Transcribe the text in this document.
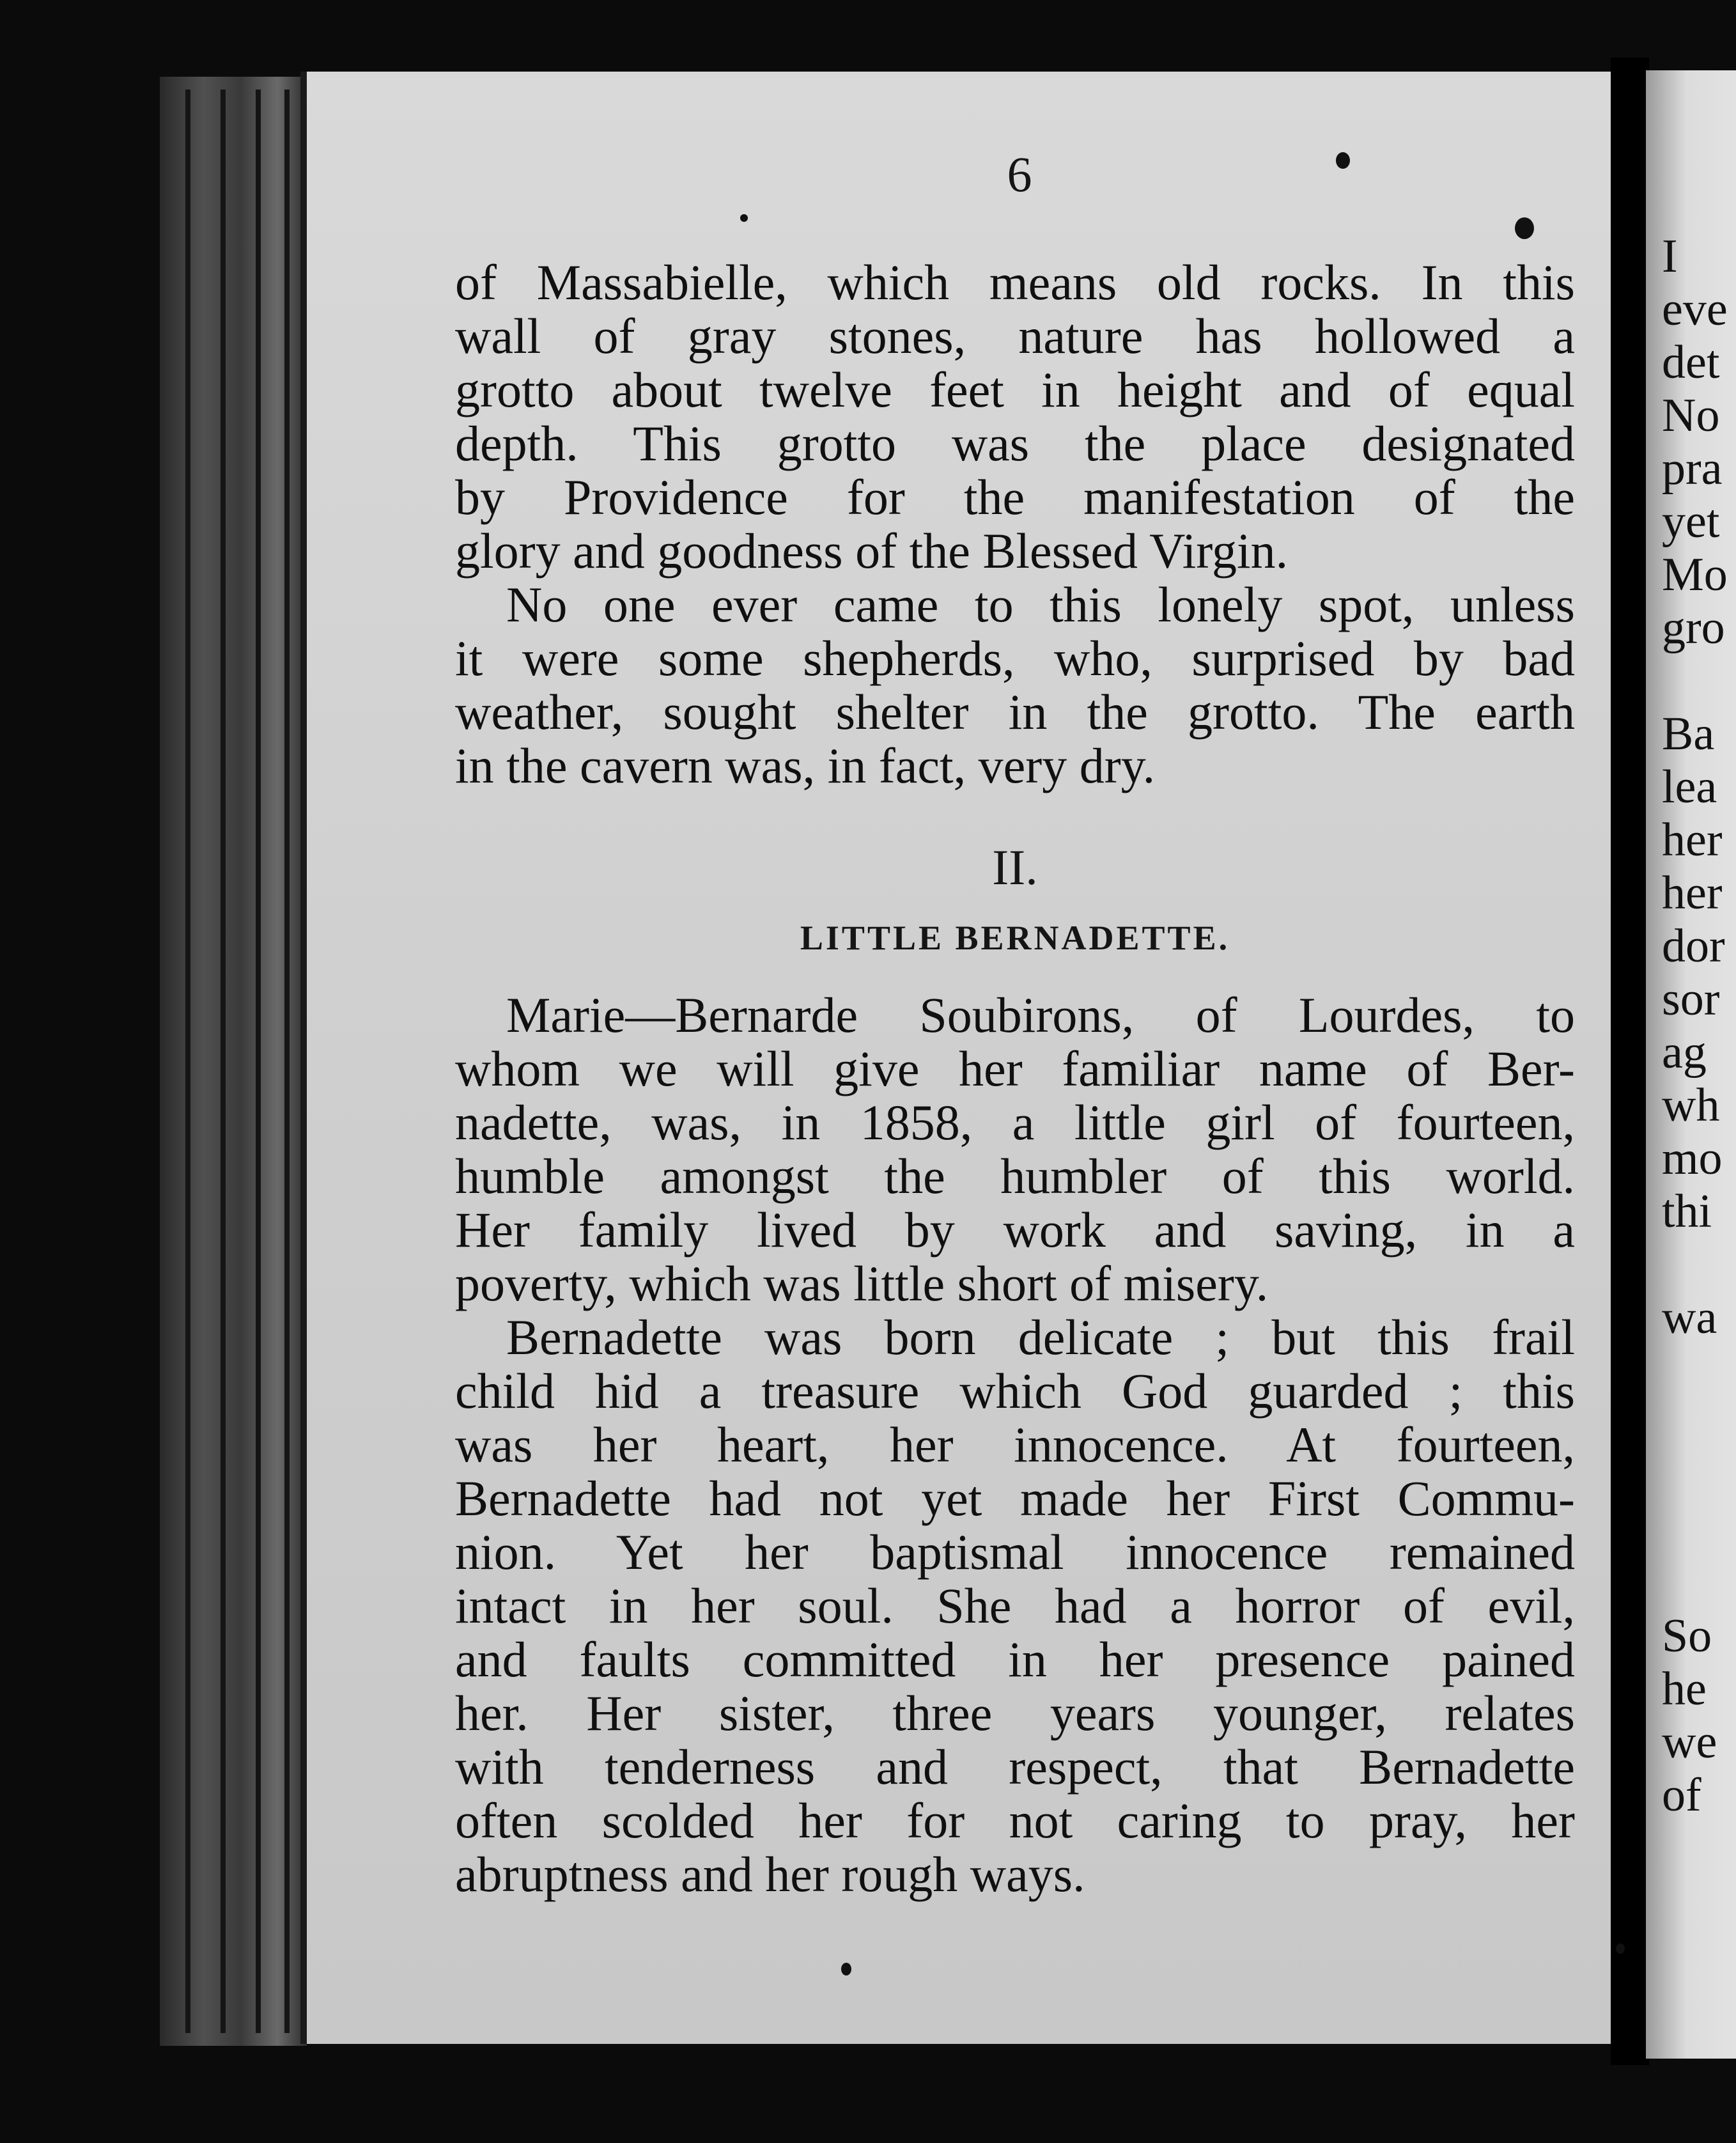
6
of Massabielle, which means old rocks. In this
wall of gray stones, nature has hollowed a
grotto about twelve feet in height and of equal
depth. This grotto was the place designated
by Providence for the manifestation of the
glory and goodness of the Blessed Virgin.
No one ever came to this lonely spot, unless
it were some shepherds, who, surprised by bad
weather, sought shelter in the grotto. The earth
in the cavern was, in fact, very dry.
II.
LITTLE BERNADETTE.
Marie—Bernarde Soubirons, of Lourdes, to
whom we will give her familiar name of Ber-
nadette, was, in 1858, a little girl of fourteen,
humble amongst the humbler of this world.
Her family lived by work and saving, in a
poverty, which was little short of misery.
Bernadette was born delicate ; but this frail
child hid a treasure which God guarded ; this
was her heart, her innocence. At fourteen,
Bernadette had not yet made her First Commu-
nion. Yet her baptismal innocence remained
intact in her soul. She had a horror of evil,
and faults committed in her presence pained
her. Her sister, three years younger, relates
with tenderness and respect, that Bernadette
often scolded her for not caring to pray, her
abruptness and her rough ways.
I
eve
det
No
pra
yet
Mo
gro

Ba
lea
her
her
dor
sor
ag
wh
mo
thi

wa

So
he
we
of
